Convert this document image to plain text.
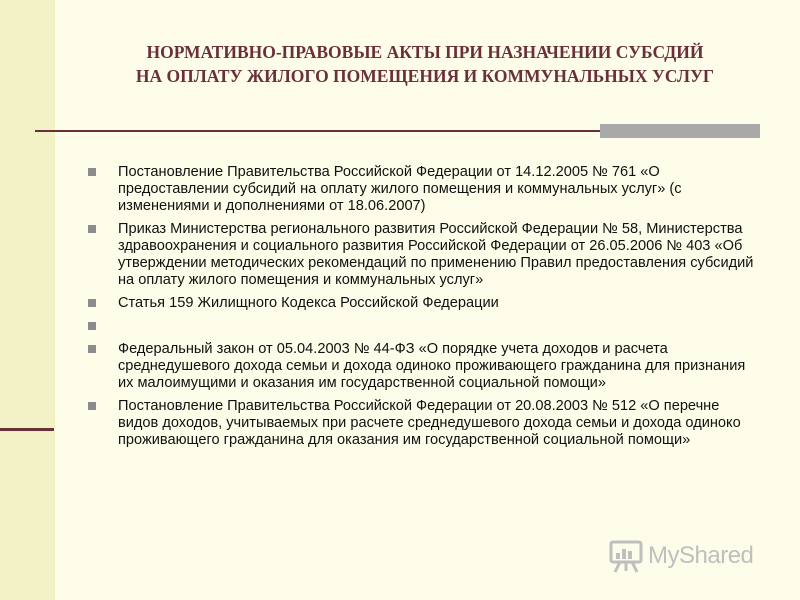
НОРМАТИВНО-ПРАВОВЫЕ АКТЫ ПРИ НАЗНАЧЕНИИ СУБСДИЙ
НА ОПЛАТУ ЖИЛОГО ПОМЕЩЕНИЯ И КОММУНАЛЬНЫХ УСЛУГ
Постановление Правительства Российской Федерации от 14.12.2005 № 761 «О предоставлении субсидий на оплату жилого помещения и коммунальных услуг» (с изменениями и дополнениями от 18.06.2007)
Приказ Министерства регионального развития Российской Федерации № 58, Министерства здравоохранения и социального развития Российской Федерации от 26.05.2006 № 403 «Об утверждении методических рекомендаций по применению Правил предоставления субсидий на оплату жилого помещения и коммунальных услуг»
Статья 159 Жилищного Кодекса Российской Федерации
Федеральный закон от 05.04.2003 № 44-ФЗ «О порядке учета доходов и расчета среднедушевого дохода семьи и дохода одиноко проживающего гражданина для признания их малоимущими и оказания им государственной социальной помощи»
Постановление Правительства Российской Федерации от 20.08.2003 № 512 «О перечне видов доходов, учитываемых при расчете среднедушевого дохода семьи и дохода одиноко проживающего гражданина для оказания им государственной социальной помощи»
MyShared
